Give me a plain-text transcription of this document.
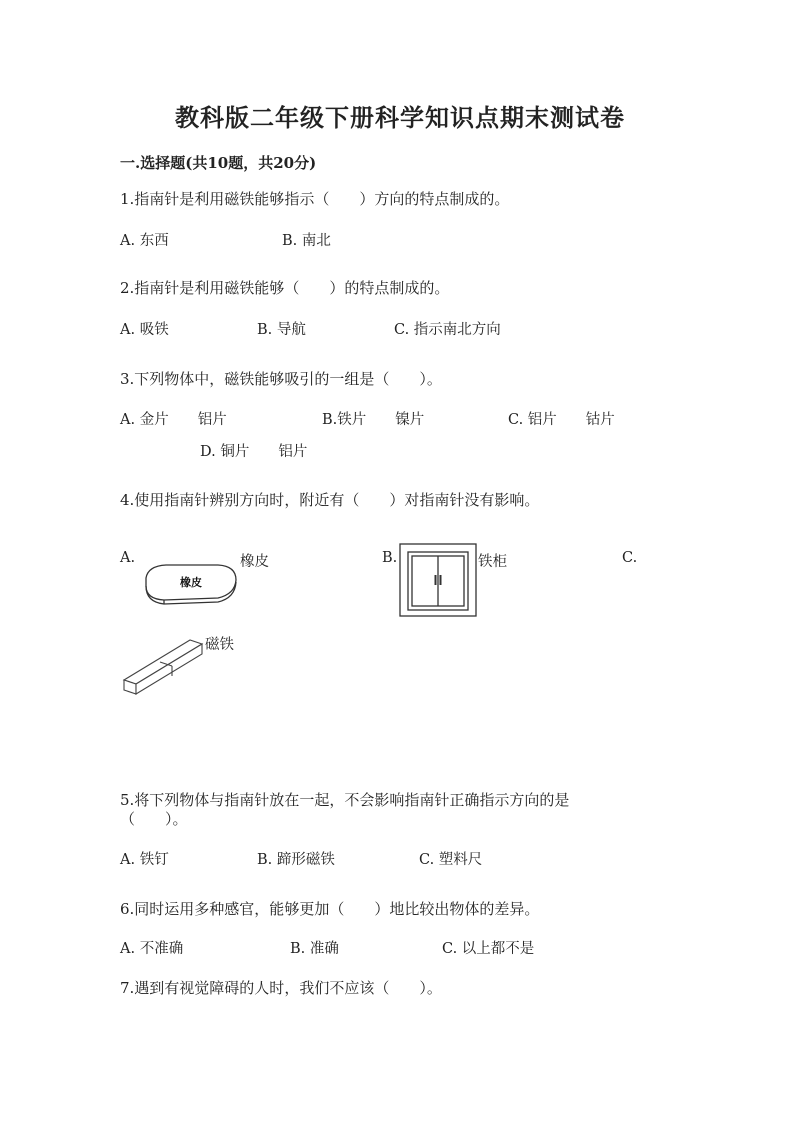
教科版二年级下册科学知识点期末测试卷
一.选择题(共10题，共20分)
1.指南针是利用磁铁能够指示（　　）方向的特点制成的。
A. 东西	B. 南北
2.指南针是利用磁铁能够（　　）的特点制成的。
A. 吸铁	B. 导航	C. 指示南北方向
3.下列物体中，磁铁能够吸引的一组是（　　）。
A. 金片　　铝片	B.铁片　　镍片	C. 铝片　　钴片
D. 铜片　　铝片
4.使用指南针辨别方向时，附近有（　　）对指南针没有影响。
A.	橡皮	B.	铁柜	C.
磁铁
橡皮
5.将下列物体与指南针放在一起，不会影响指南针正确指示方向的是
（　　）。
A. 铁钉	B. 蹄形磁铁	C. 塑料尺
6.同时运用多种感官，能够更加（　　）地比较出物体的差异。
A. 不准确	B. 准确	C. 以上都不是
7.遇到有视觉障碍的人时，我们不应该（　　）。
